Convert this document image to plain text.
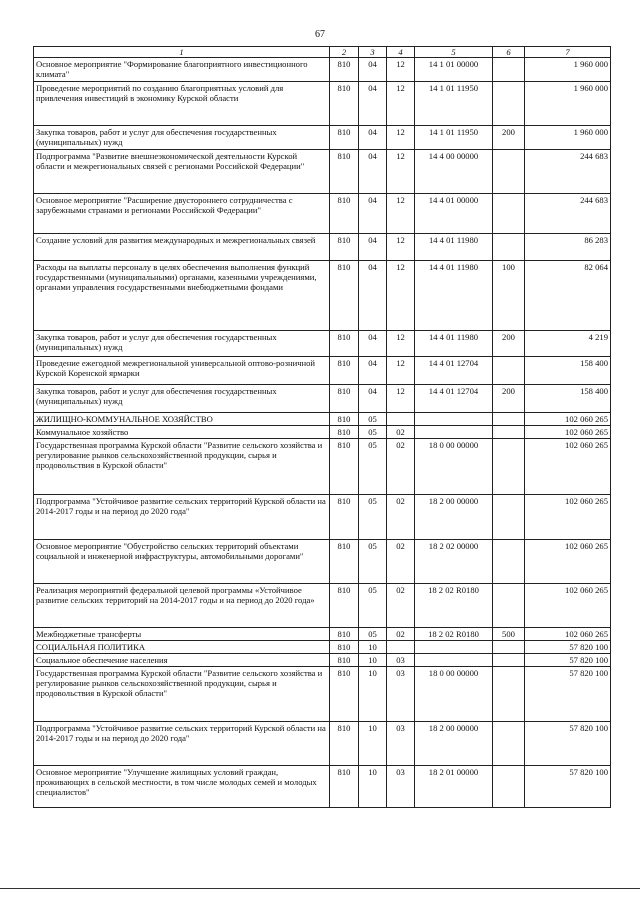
67
1	2	3	4	5	6	7
Основное мероприятие "Формирование благоприятного инвестиционного климата"	810	04	12	14 1 01 00000		1 960 000
Проведение мероприятий по созданию благоприятных условий для привлечения инвестиций в экономику Курской области	810	04	12	14 1 01 11950		1 960 000
Закупка товаров, работ и услуг для обеспечения государственных (муниципальных) нужд	810	04	12	14 1 01 11950	200	1 960 000
Подпрограмма "Развитие внешнеэкономической деятельности Курской области и межрегиональных связей с регионами Российской Федерации"	810	04	12	14 4 00 00000		244 683
Основное мероприятие "Расширение двустороннего сотрудничества с зарубежными странами и регионами Российской Федерации"	810	04	12	14 4 01 00000		244 683
Создание условий для развития международных и межрегиональных связей	810	04	12	14 4 01 11980		86 283
Расходы на выплаты персоналу в целях обеспечения выполнения функций государственными (муниципальными) органами, казенными учреждениями, органами управления государственными внебюджетными фондами	810	04	12	14 4 01 11980	100	82 064
Закупка товаров, работ и услуг для обеспечения государственных (муниципальных) нужд	810	04	12	14 4 01 11980	200	4 219
Проведение ежегодной межрегиональной универсальной оптово-розничной Курской Коренской ярмарки	810	04	12	14 4 01 12704		158 400
Закупка товаров, работ и услуг для обеспечения государственных (муниципальных) нужд	810	04	12	14 4 01 12704	200	158 400
ЖИЛИЩНО-КОММУНАЛЬНОЕ ХОЗЯЙСТВО	810	05				102 060 265
Коммунальное хозяйство	810	05	02			102 060 265
Государственная программа Курской области "Развитие сельского хозяйства и регулирование рынков сельскохозяйственной продукции, сырья и продовольствия в Курской области"	810	05	02	18 0 00 00000		102 060 265
Подпрограмма "Устойчивое развитие сельских территорий Курской области на 2014-2017 годы и на период до 2020 года"	810	05	02	18 2 00 00000		102 060 265
Основное мероприятие "Обустройство сельских территорий объектами социальной и инженерной инфраструктуры, автомобильными дорогами"	810	05	02	18 2 02 00000		102 060 265
Реализация мероприятий федеральной целевой программы «Устойчивое развитие сельских территорий на 2014-2017 годы и на период до 2020 года»	810	05	02	18 2 02 R0180		102 060 265
Межбюджетные трансферты	810	05	02	18 2 02 R0180	500	102 060 265
СОЦИАЛЬНАЯ ПОЛИТИКА	810	10				57 820 100
Социальное обеспечение населения	810	10	03			57 820 100
Государственная программа Курской области "Развитие сельского хозяйства и регулирование рынков сельскохозяйственной продукции, сырья и продовольствия в Курской области"	810	10	03	18 0 00 00000		57 820 100
Подпрограмма "Устойчивое развитие сельских территорий Курской области на 2014-2017 годы и на период до 2020 года"	810	10	03	18 2 00 00000		57 820 100
Основное мероприятие "Улучшение жилищных условий граждан, проживающих в сельской местности, в том числе молодых семей и молодых специалистов"	810	10	03	18 2 01 00000		57 820 100
